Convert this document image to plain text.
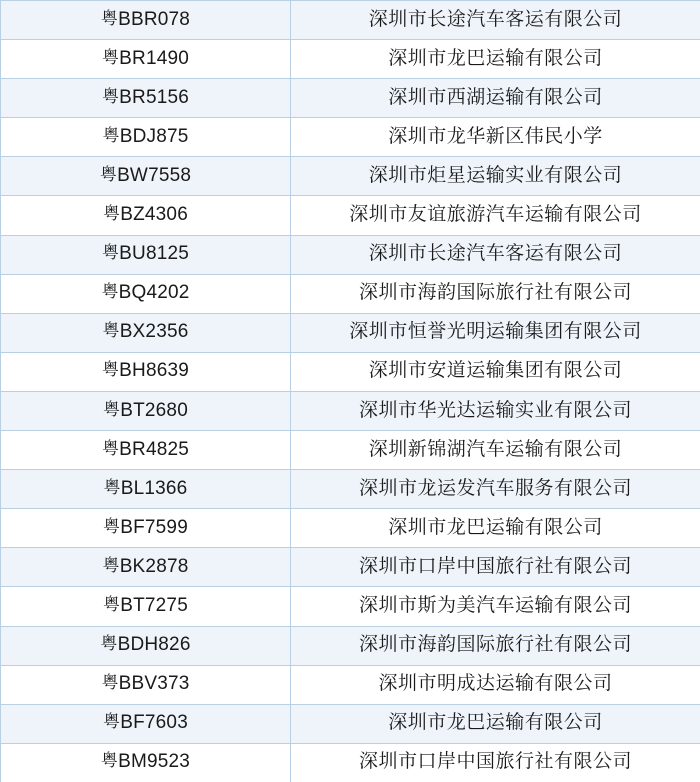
粤BBR078	深圳市长途汽车客运有限公司
粤BR1490	深圳市龙巴运输有限公司
粤BR5156	深圳市西湖运输有限公司
粤BDJ875	深圳市龙华新区伟民小学
粤BW7558	深圳市炬星运输实业有限公司
粤BZ4306	深圳市友谊旅游汽车运输有限公司
粤BU8125	深圳市长途汽车客运有限公司
粤BQ4202	深圳市海韵国际旅行社有限公司
粤BX2356	深圳市恒誉光明运输集团有限公司
粤BH8639	深圳市安道运输集团有限公司
粤BT2680	深圳市华光达运输实业有限公司
粤BR4825	深圳新锦湖汽车运输有限公司
粤BL1366	深圳市龙运发汽车服务有限公司
粤BF7599	深圳市龙巴运输有限公司
粤BK2878	深圳市口岸中国旅行社有限公司
粤BT7275	深圳市斯为美汽车运输有限公司
粤BDH826	深圳市海韵国际旅行社有限公司
粤BBV373	深圳市明成达运输有限公司
粤BF7603	深圳市龙巴运输有限公司
粤BM9523	深圳市口岸中国旅行社有限公司
